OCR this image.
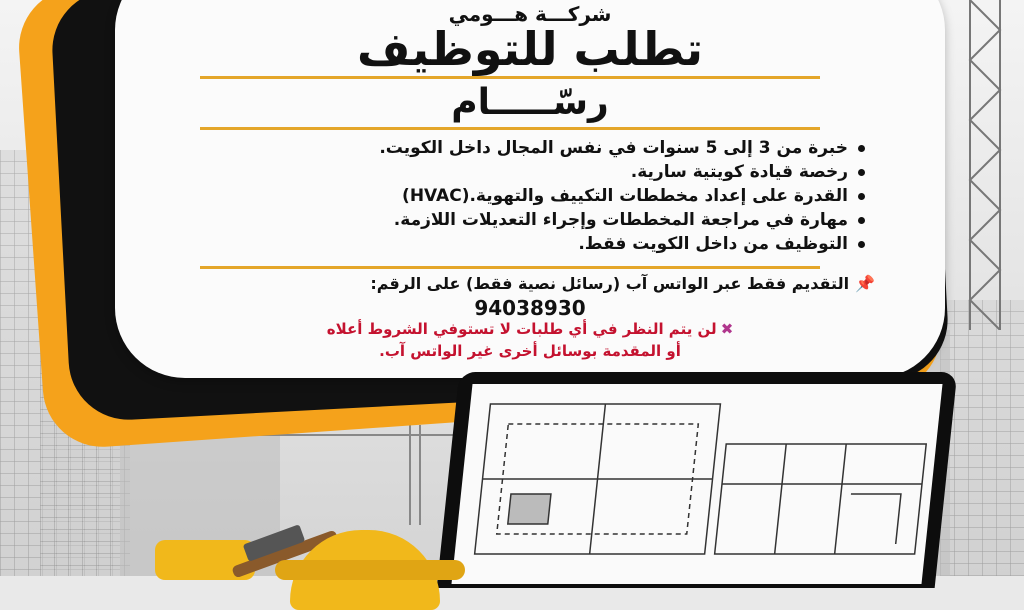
شركـــة هـــومي
تطلب للتوظيف
رسّـــــام
خبرة من 3 إلى 5 سنوات في نفس المجال داخل الكويت.
رخصة قيادة كويتية سارية.
القدرة على إعداد مخططات التكييف والتهوية.(HVAC)
مهارة في مراجعة المخططات وإجراء التعديلات اللازمة.
التوظيف من داخل الكويت فقط.
📌التقديم فقط عبر الواتس آب (رسائل نصية فقط) على الرقم:
94038930
✖لن يتم النظر في أي طلبات لا تستوفي الشروط أعلاه
أو المقدمة بوسائل أخرى غير الواتس آب.
